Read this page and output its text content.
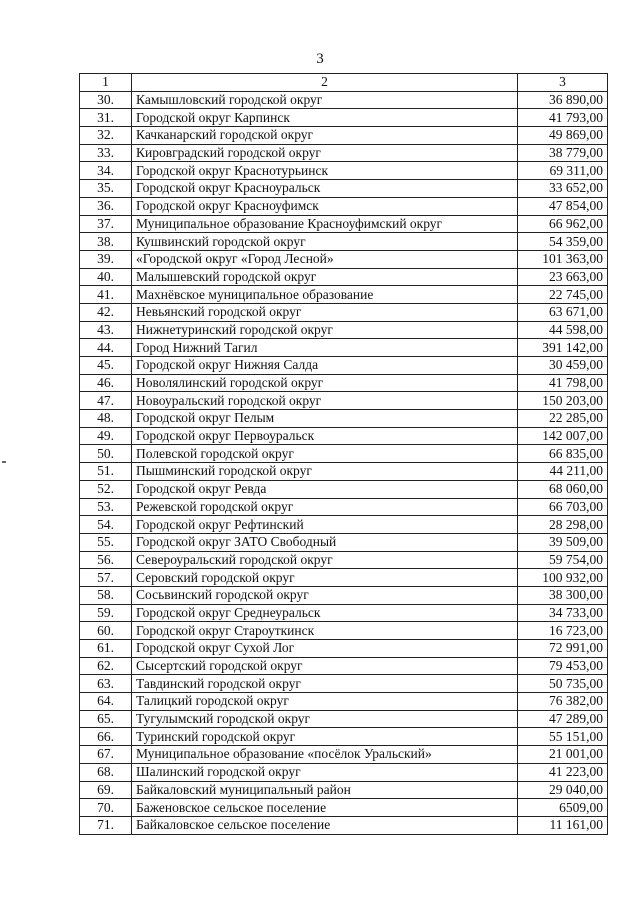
3
1	2	3
30.	Камышловский городской округ	36 890,00
31.	Городской округ Карпинск	41 793,00
32.	Качканарский городской округ	49 869,00
33.	Кировградский городской округ	38 779,00
34.	Городской округ Краснотурьинск	69 311,00
35.	Городской округ Красноуральск	33 652,00
36.	Городской округ Красноуфимск	47 854,00
37.	Муниципальное образование Красноуфимский округ	66 962,00
38.	Кушвинский городской округ	54 359,00
39.	«Городской округ «Город Лесной»	101 363,00
40.	Малышевский городской округ	23 663,00
41.	Махнёвское муниципальное образование	22 745,00
42.	Невьянский городской округ	63 671,00
43.	Нижнетуринский городской округ	44 598,00
44.	Город Нижний Тагил	391 142,00
45.	Городской округ Нижняя Салда	30 459,00
46.	Новолялинский городской округ	41 798,00
47.	Новоуральский городской округ	150 203,00
48.	Городской округ Пелым	22 285,00
49.	Городской округ Первоуральск	142 007,00
50.	Полевской городской округ	66 835,00
51.	Пышминский городской округ	44 211,00
52.	Городской округ Ревда	68 060,00
53.	Режевской городской округ	66 703,00
54.	Городской округ Рефтинский	28 298,00
55.	Городской округ ЗАТО Свободный	39 509,00
56.	Североуральский городской округ	59 754,00
57.	Серовский городской округ	100 932,00
58.	Сосьвинский городской округ	38 300,00
59.	Городской округ Среднеуральск	34 733,00
60.	Городской округ Староуткинск	16 723,00
61.	Городской округ Сухой Лог	72 991,00
62.	Сысертский городской округ	79 453,00
63.	Тавдинский городской округ	50 735,00
64.	Талицкий городской округ	76 382,00
65.	Тугулымский городской округ	47 289,00
66.	Туринский городской округ	55 151,00
67.	Муниципальное образование «посёлок Уральский»	21 001,00
68.	Шалинский городской округ	41 223,00
69.	Байкаловский муниципальный район	29 040,00
70.	Баженовское сельское поселение	6509,00
71.	Байкаловское сельское поселение	11 161,00
